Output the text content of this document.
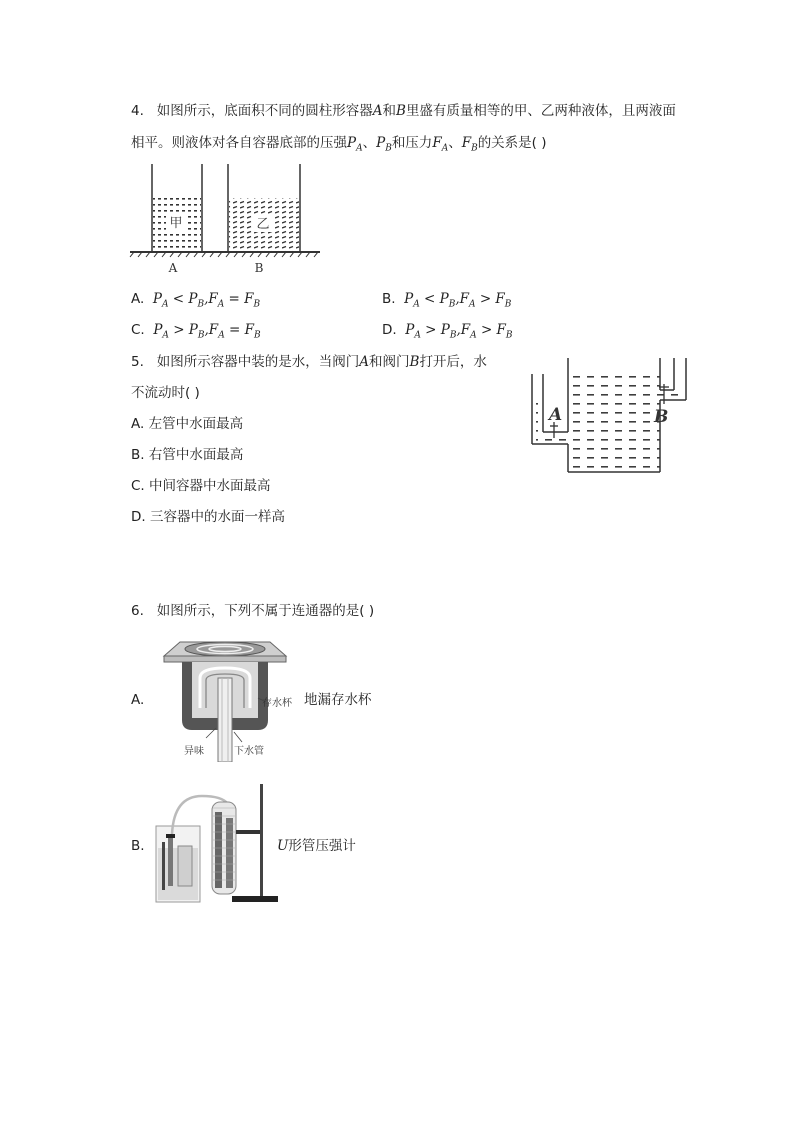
4. 如图所示，底面积不同的圆柱形容器A和B里盛有质量相等的甲、乙两种液体，且两液面
相平。则液体对各自容器底部的压强$P_A$、$P_B$和压力$F_A$、$F_B$的关系是( )
甲	乙
A	B
A. $P_A < P_B,F_A = F_B$	B. $P_A < P_B,F_A > F_B$
C. $P_A > P_B,F_A = F_B$	D. $P_A > P_B,F_A > F_B$
5. 如图所示容器中装的是水，当阀门A和阀门B打开后，水
不流动时( )
A. 左管中水面最高
B. 右管中水面最高
C. 中间容器中水面最高
D. 三容器中的水面一样高
A	B
6. 如图所示，下列不属于连通器的是( )
A.	存水杯
异味	下水管
地漏存水杯
B.	U形管压强计
